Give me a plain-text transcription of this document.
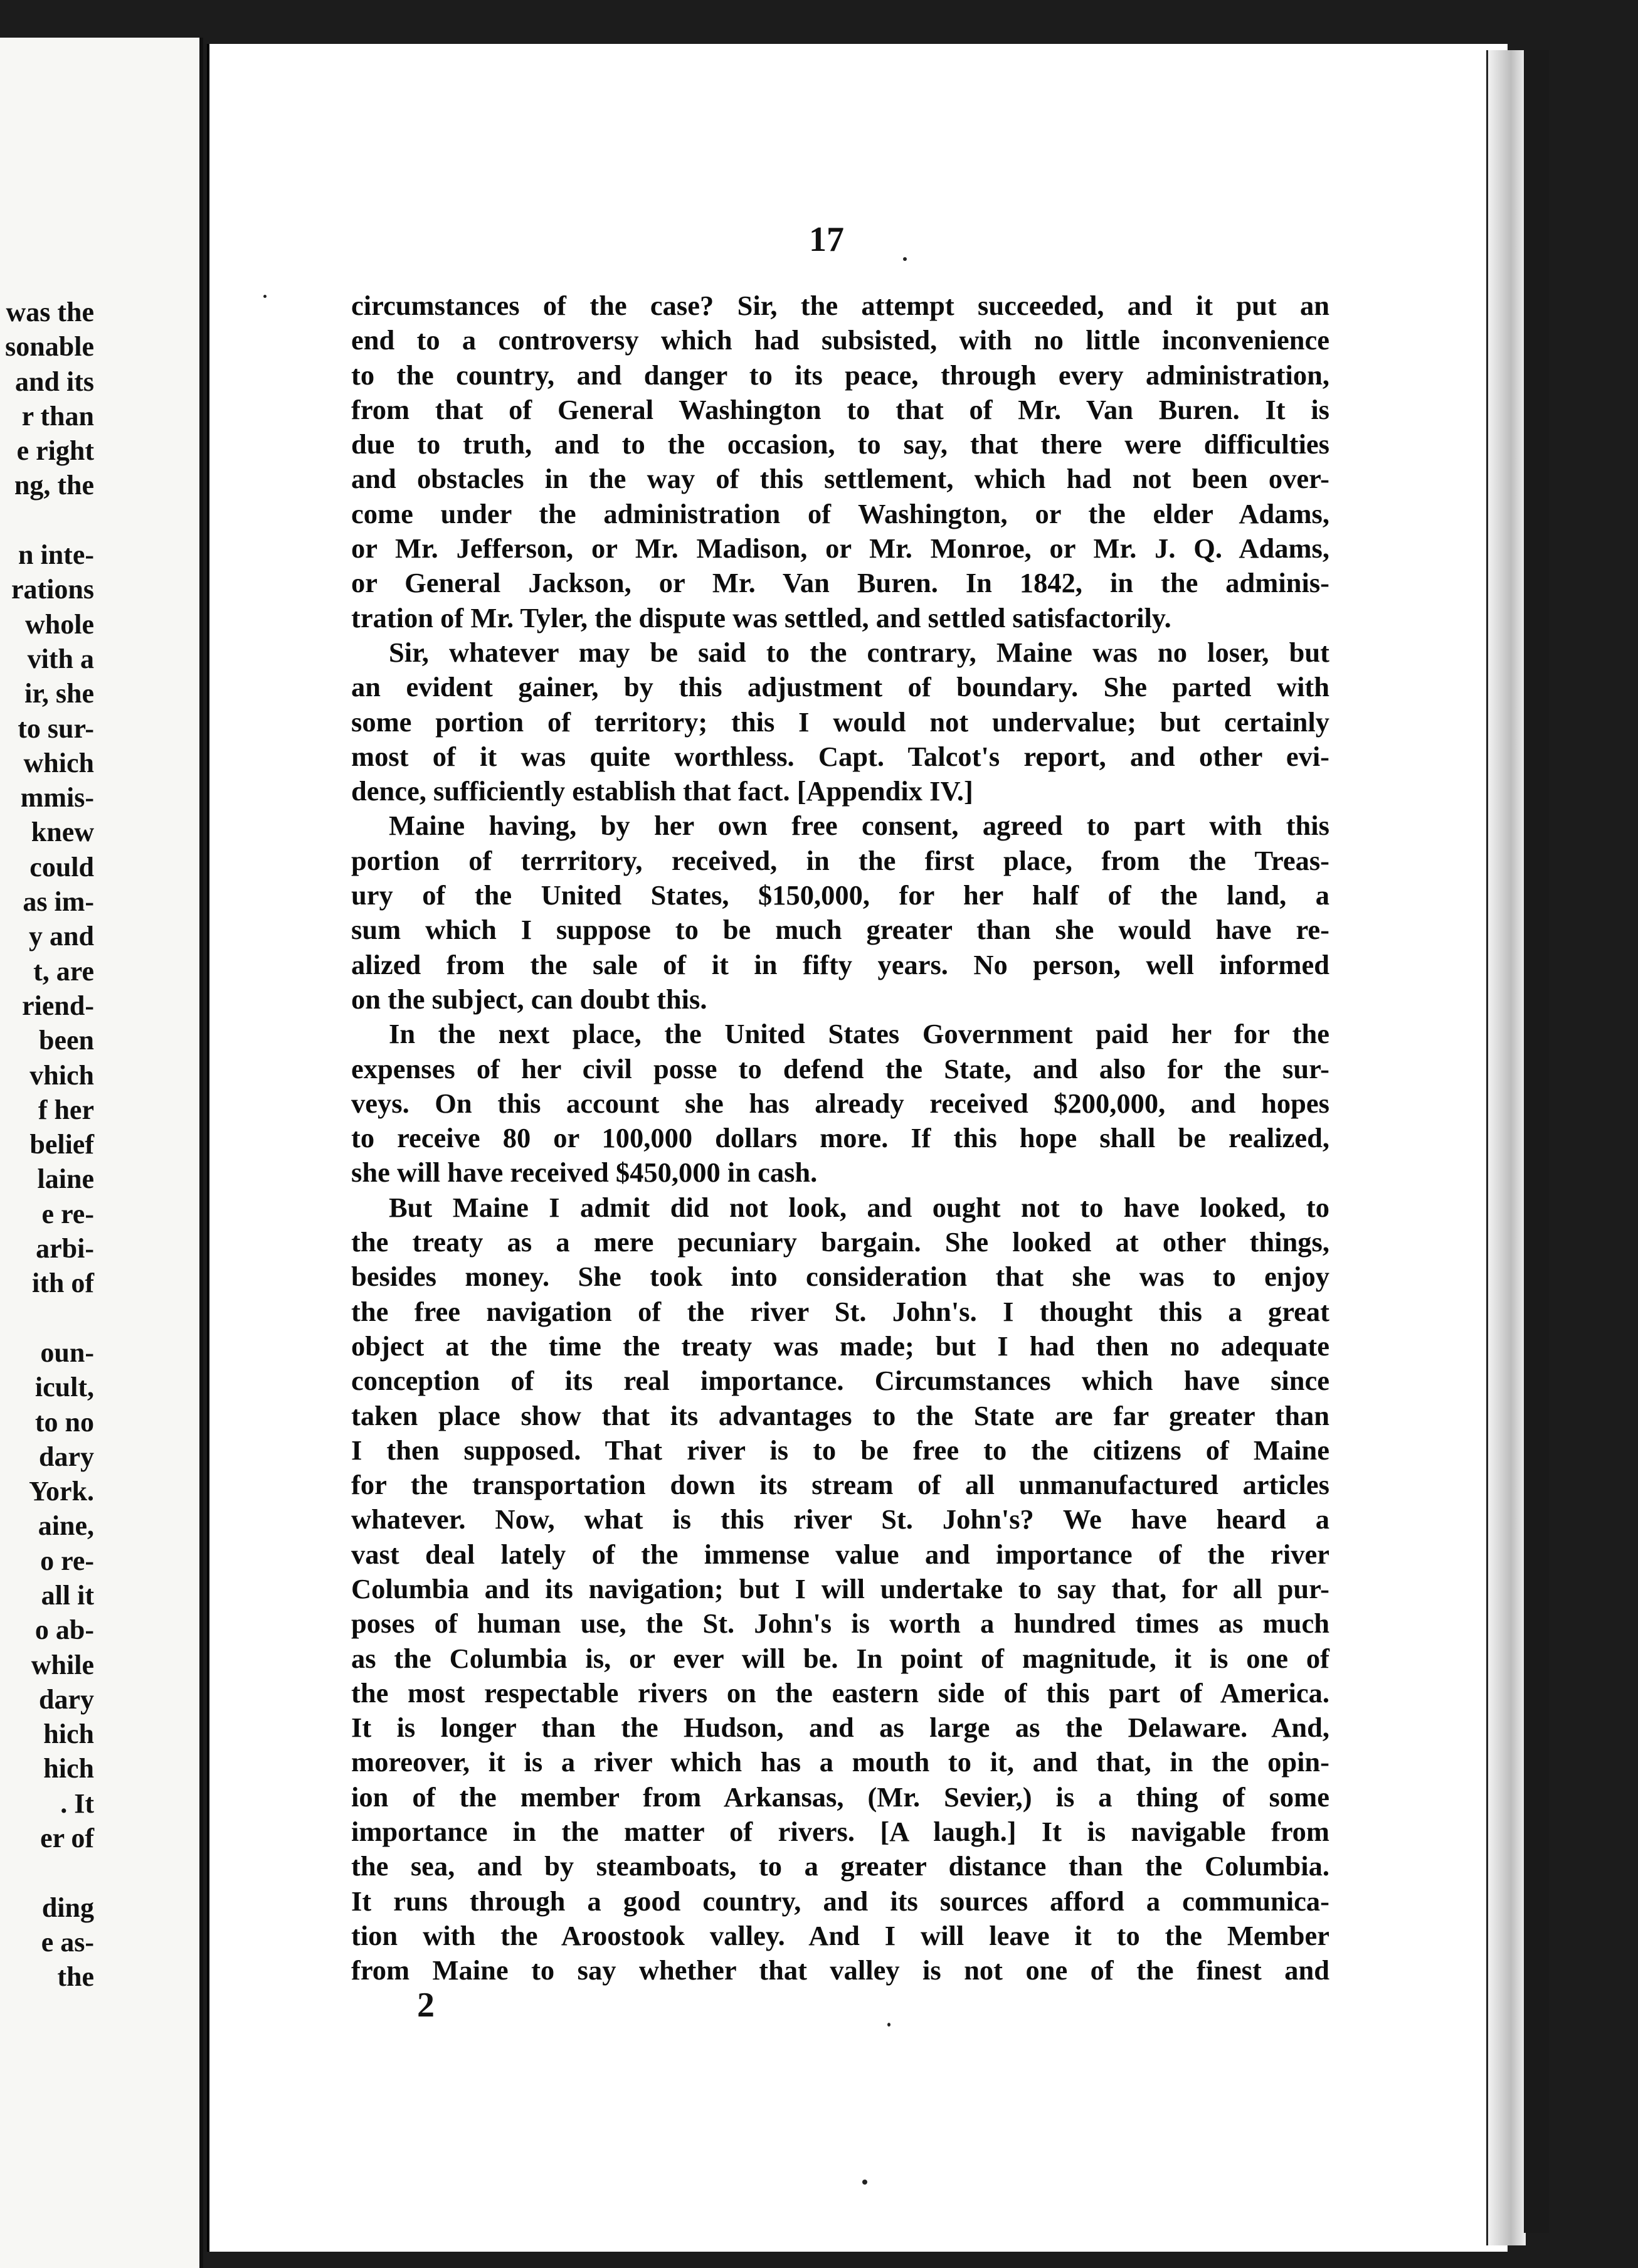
was the
sonable
and its
r than
e right
ng, the
n inte-
rations
whole
vith a
ir, she
to sur-
which
mmis-
knew
could
as im-
y and
t, are
riend-
been
vhich
f her
belief
laine
e re-
arbi-
ith of
oun-
icult,
to no
dary
York.
aine,
o re-
all it
o ab-
while
dary
hich
hich
. It
er of
ding
e as-
the
17
circumstances of the case? Sir, the attempt succeeded, and it put an
end to a controversy which had subsisted, with no little inconvenience
to the country, and danger to its peace, through every administration,
from that of General Washington to that of Mr. Van Buren. It is
due to truth, and to the occasion, to say, that there were difficulties
and obstacles in the way of this settlement, which had not been over-
come under the administration of Washington, or the elder Adams,
or Mr. Jefferson, or Mr. Madison, or Mr. Monroe, or Mr. J. Q. Adams,
or General Jackson, or Mr. Van Buren. In 1842, in the adminis-
tration of Mr. Tyler, the dispute was settled, and settled satisfactorily.
Sir, whatever may be said to the contrary, Maine was no loser, but
an evident gainer, by this adjustment of boundary. She parted with
some portion of territory; this I would not undervalue; but certainly
most of it was quite worthless. Capt. Talcot's report, and other evi-
dence, sufficiently establish that fact. [Appendix IV.]
Maine having, by her own free consent, agreed to part with this
portion of terrritory, received, in the first place, from the Treas-
ury of the United States, $150,000, for her half of the land, a
sum which I suppose to be much greater than she would have re-
alized from the sale of it in fifty years. No person, well informed
on the subject, can doubt this.
In the next place, the United States Government paid her for the
expenses of her civil posse to defend the State, and also for the sur-
veys. On this account she has already received $200,000, and hopes
to receive 80 or 100,000 dollars more. If this hope shall be realized,
she will have received $450,000 in cash.
But Maine I admit did not look, and ought not to have looked, to
the treaty as a mere pecuniary bargain. She looked at other things,
besides money. She took into consideration that she was to enjoy
the free navigation of the river St. John's. I thought this a great
object at the time the treaty was made; but I had then no adequate
conception of its real importance. Circumstances which have since
taken place show that its advantages to the State are far greater than
I then supposed. That river is to be free to the citizens of Maine
for the transportation down its stream of all unmanufactured articles
whatever. Now, what is this river St. John's? We have heard a
vast deal lately of the immense value and importance of the river
Columbia and its navigation; but I will undertake to say that, for all pur-
poses of human use, the St. John's is worth a hundred times as much
as the Columbia is, or ever will be. In point of magnitude, it is one of
the most respectable rivers on the eastern side of this part of America.
It is longer than the Hudson, and as large as the Delaware. And,
moreover, it is a river which has a mouth to it, and that, in the opin-
ion of the member from Arkansas, (Mr. Sevier,) is a thing of some
importance in the matter of rivers. [A laugh.] It is navigable from
the sea, and by steamboats, to a greater distance than the Columbia.
It runs through a good country, and its sources afford a communica-
tion with the Aroostook valley. And I will leave it to the Member
from Maine to say whether that valley is not one of the finest and
2
